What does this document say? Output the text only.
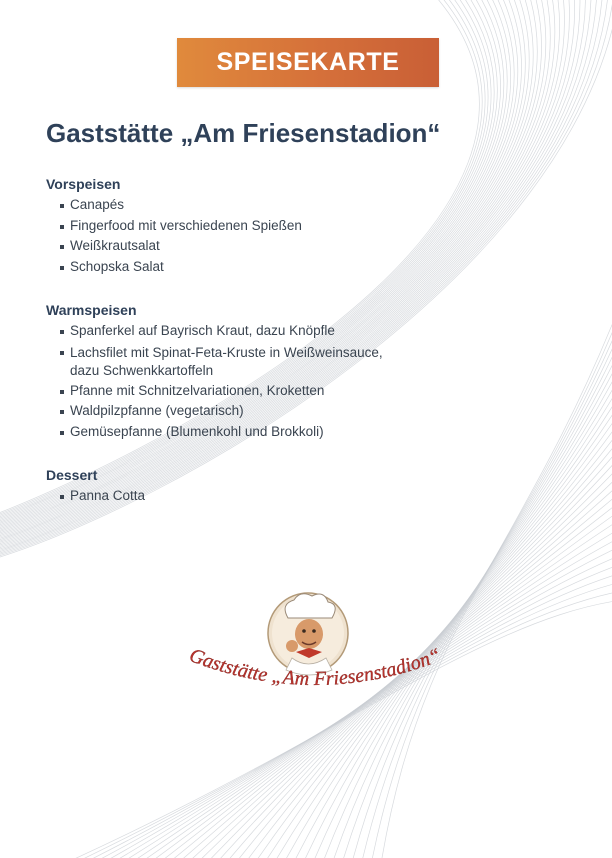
SPEISEKARTE
Gaststätte „Am Friesenstadion“
Vorspeisen
Canapés
Fingerfood mit verschiedenen Spießen
Weißkrautsalat
Schopska Salat
Warmspeisen
Spanferkel auf Bayrisch Kraut, dazu Knöpfle
Lachsfilet mit Spinat-Feta-Kruste in Weißweinsauce, dazu Schwenkkartoffeln
Pfanne mit Schnitzelvariationen, Kroketten
Waldpilzpfanne (vegetarisch)
Gemüsepfanne (Blumenkohl und Brokkoli)
Dessert
Panna Cotta
Gaststätte „Am Friesenstadion“
